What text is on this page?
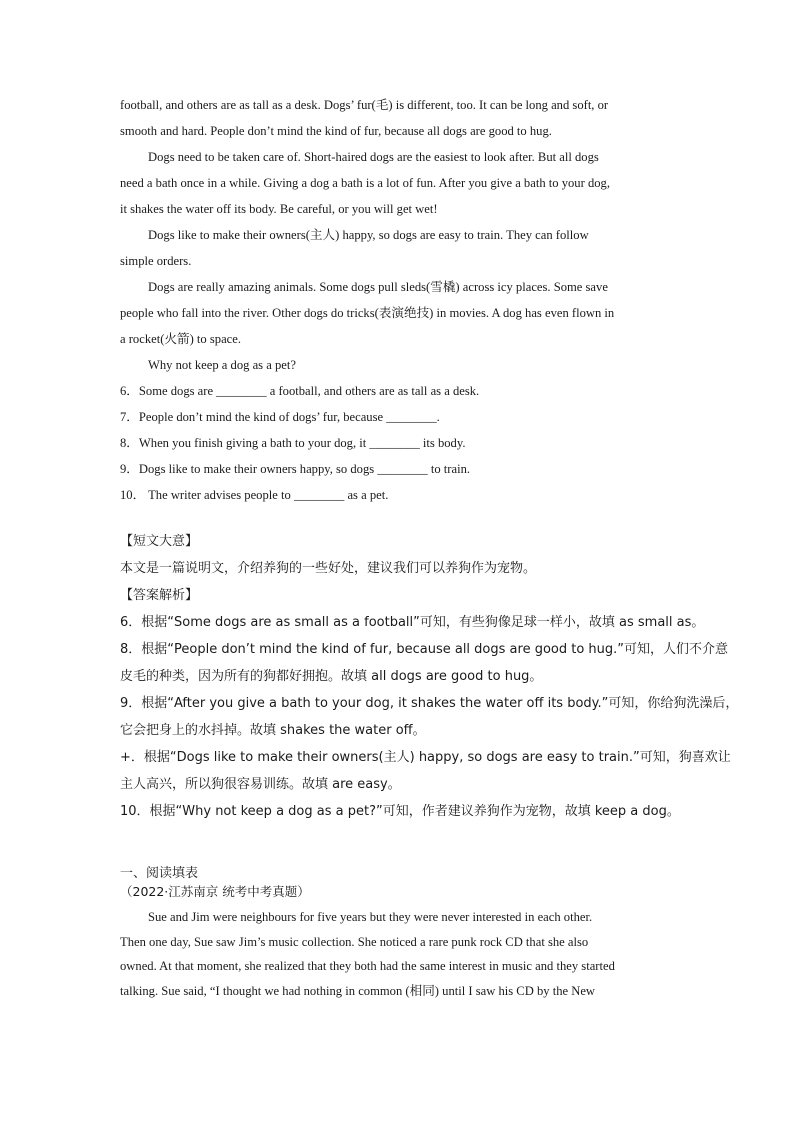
football, and others are as tall as a desk. Dogs’ fur(毛) is different, too. It can be long and soft, or

smooth and hard. People don’t mind the kind of fur, because all dogs are good to hug.

Dogs need to be taken care of. Short-haired dogs are the easiest to look after. But all dogs

need a bath once in a while. Giving a dog a bath is a lot of fun. After you give a bath to your dog,

it shakes the water off its body. Be careful, or you will get wet!

Dogs like to make their owners(主人) happy, so dogs are easy to train. They can follow

simple orders.

Dogs are really amazing animals. Some dogs pull sleds(雪橇) across icy places. Some save

people who fall into the river. Other dogs do tricks(表演绝技) in movies. A dog has even flown in

a rocket(火箭) to space.

Why not keep a dog as a pet?

6．Some dogs are ________ a football, and others are as tall as a desk.

7．People don’t mind the kind of dogs’ fur, because ________.

8．When you finish giving a bath to your dog, it ________ its body.

9．Dogs like to make their owners happy, so dogs ________ to train.

10． The writer advises people to ________ as a pet.

【短文大意】

本文是一篇说明文，介绍养狗的一些好处，建议我们可以养狗作为宠物。

【答案解析】

6．根据“Some dogs are as small as a football”可知，有些狗像足球一样小，故填 as small as。

8．根据“People don’t mind the kind of fur, because all dogs are good to hug.”可知，人们不介意

皮毛的种类，因为所有的狗都好拥抱。故填 all dogs are good to hug。

9．根据“After you give a bath to your dog, it shakes the water off its body.”可知，你给狗洗澡后，

它会把身上的水抖掉。故填 shakes the water off。

+．根据“Dogs like to make their owners(主人) happy, so dogs are easy to train.”可知，狗喜欢让

主人高兴，所以狗很容易训练。故填 are easy。

10．根据“Why not keep a dog as a pet?”可知，作者建议养狗作为宠物，故填 keep a dog。

一、阅读填表

（2022·江苏南京 统考中考真题）

Sue and Jim were neighbours for five years but they were never interested in each other.

Then one day, Sue saw Jim’s music collection. She noticed a rare punk rock CD that she also

owned. At that moment, she realized that they both had the same interest in music and they started

talking. Sue said, “I thought we had nothing in common (相同) until I saw his CD by the New
